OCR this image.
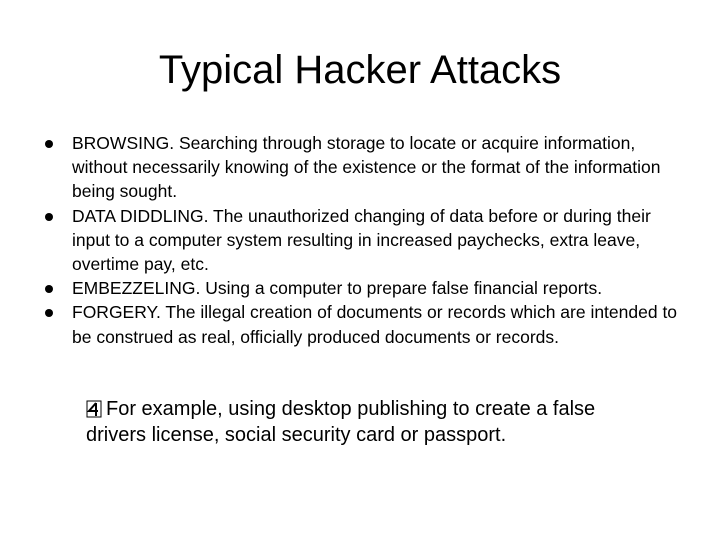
Typical Hacker Attacks
BROWSING. Searching through storage to locate or acquire information, without necessarily knowing of the existence or the format of the information being sought.
DATA DIDDLING. The unauthorized changing of data before or during their input to a computer system resulting in increased paychecks, extra leave, overtime pay, etc.
EMBEZZELING. Using a computer to prepare false financial reports.
FORGERY. The illegal creation of documents or records which are intended to be construed as real, officially produced documents or records.
For example, using desktop publishing to create a false drivers license, social security card or passport.
